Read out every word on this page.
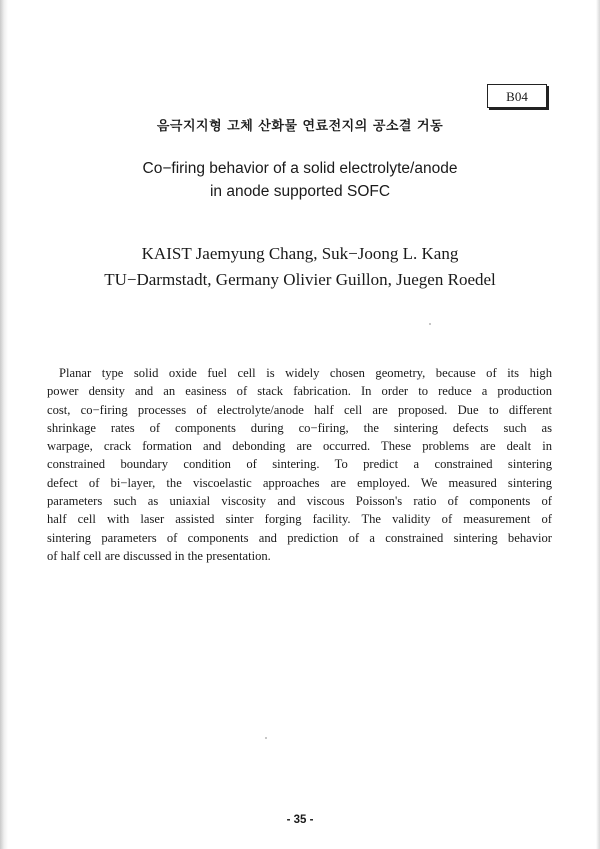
B04
음극지지형 고체 산화물 연료전지의 공소결 거동
Co−firing behavior of a solid electrolyte/anode
in anode supported SOFC
KAIST Jaemyung Chang, Suk−Joong L. Kang
TU−Darmstadt, Germany Olivier Guillon, Juegen Roedel
Planar type solid oxide fuel cell is widely chosen geometry, because of its high
power density and an easiness of stack fabrication. In order to reduce a production
cost, co−firing processes of electrolyte/anode half cell are proposed. Due to different
shrinkage rates of components during co−firing, the sintering defects such as
warpage, crack formation and debonding are occurred. These problems are dealt in
constrained boundary condition of sintering. To predict a constrained sintering
defect of bi−layer, the viscoelastic approaches are employed. We measured sintering
parameters such as uniaxial viscosity and viscous Poisson's ratio of components of
half cell with laser assisted sinter forging facility. The validity of measurement of
sintering parameters of components and prediction of a constrained sintering behavior
of half cell are discussed in the presentation.
- 35 -
